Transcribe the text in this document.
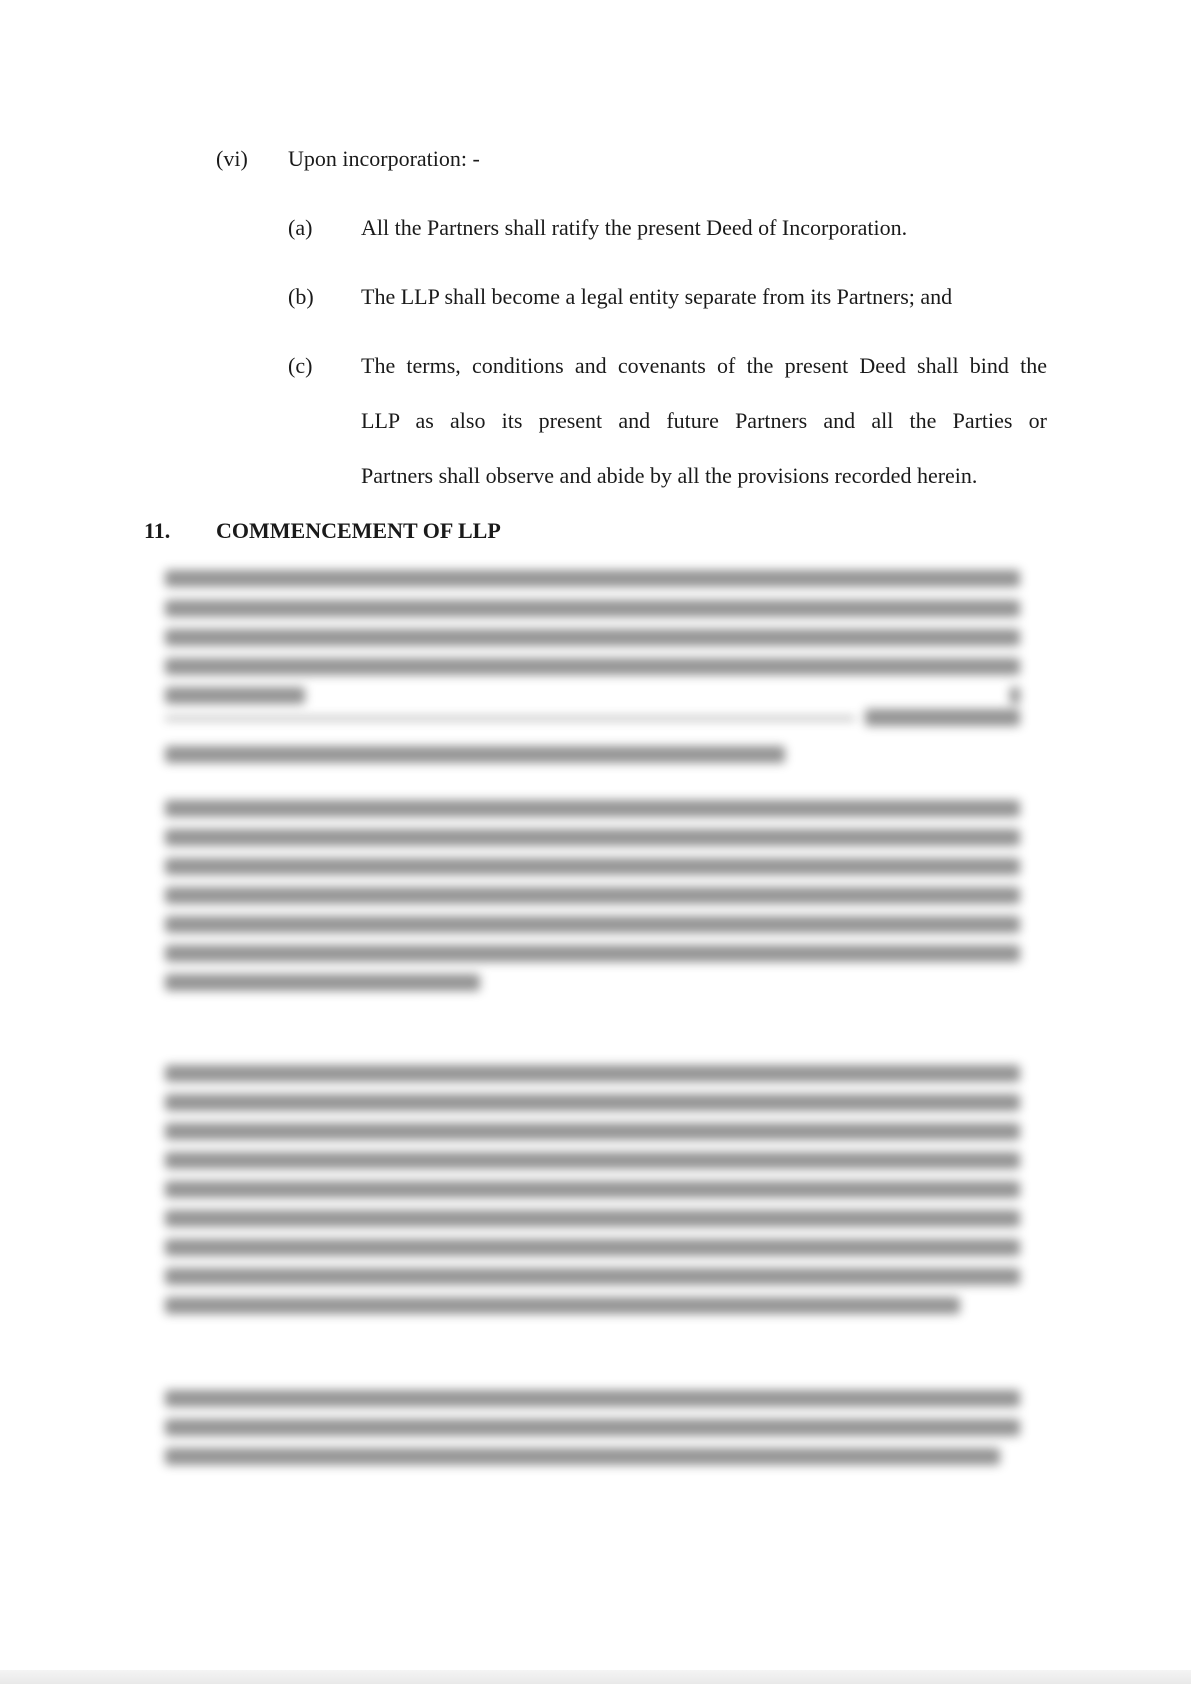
(vi) Upon incorporation: -
(a) All the Partners shall ratify the present Deed of Incorporation.
(b) The LLP shall become a legal entity separate from its Partners; and
(c) The terms, conditions and covenants of the present Deed shall bind the
LLP as also its present and future Partners and all the Parties or
Partners shall observe and abide by all the provisions recorded herein.
11. COMMENCEMENT OF LLP
